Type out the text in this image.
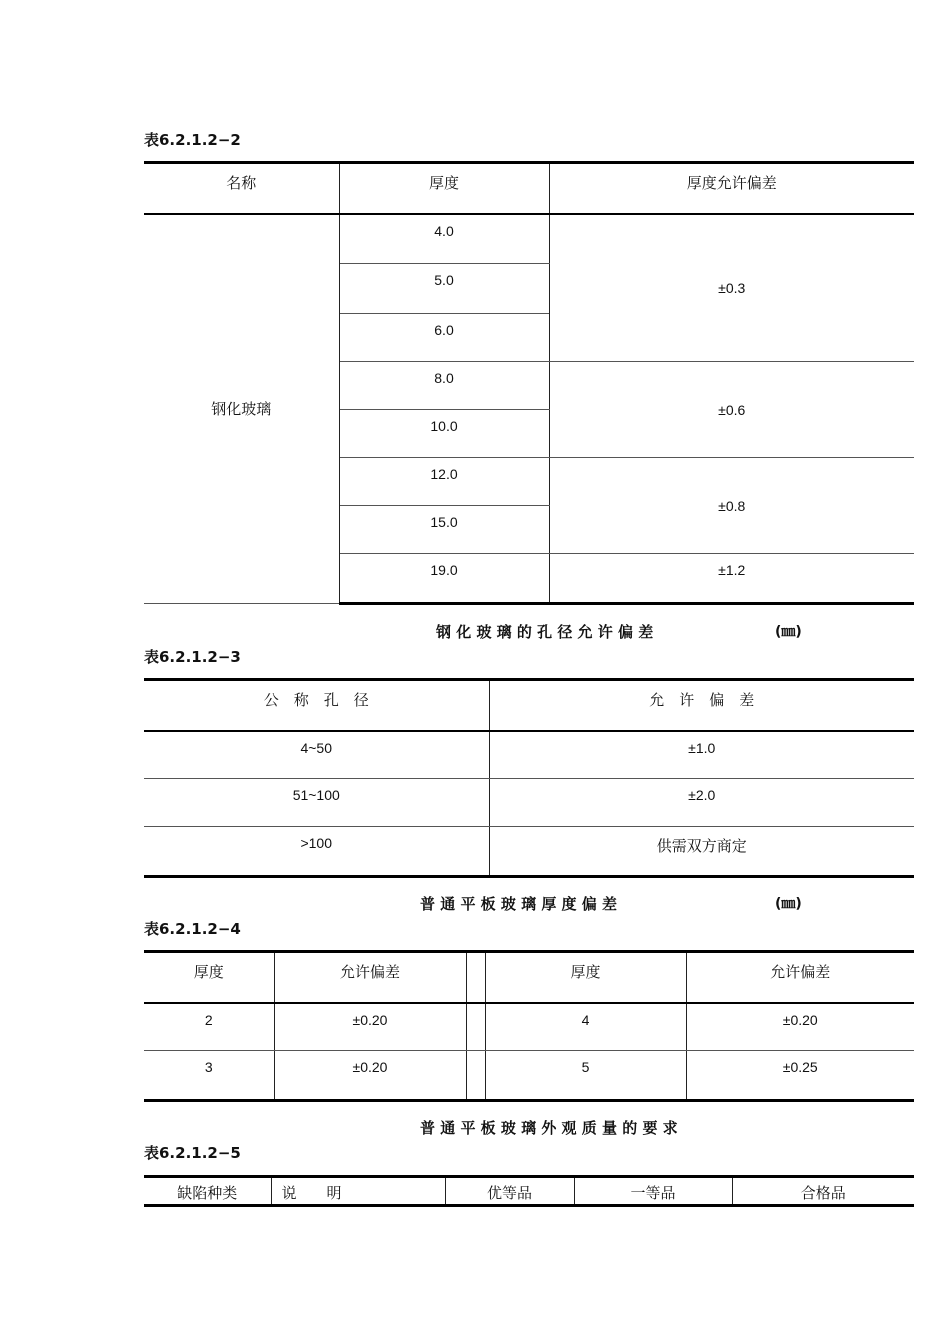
表6.2.1.2−2
名称	厚度	厚度允许偏差
钢化玻璃	4.0	±0.3
	5.0	
	6.0	
	8.0	±0.6
	10.0	
	12.0	±0.8
	15.0	
	19.0	±1.2
钢 化 玻 璃 的 孔 径 允 许 偏 差	(㎜)
表6.2.1.2−3
公　称　孔　径	允　许　偏　差
4~50	±1.0
51~100	±2.0
>100	供需双方商定
普 通 平 板 玻 璃 厚 度 偏 差	(㎜)
表6.2.1.2−4
厚度	允许偏差		厚度	允许偏差
2	±0.20		4	±0.20
3	±0.20		5	±0.25
普 通 平 板 玻 璃 外 观 质 量 的 要 求
表6.2.1.2−5
缺陷种类	说　　明	优等品	一等品	合格品
